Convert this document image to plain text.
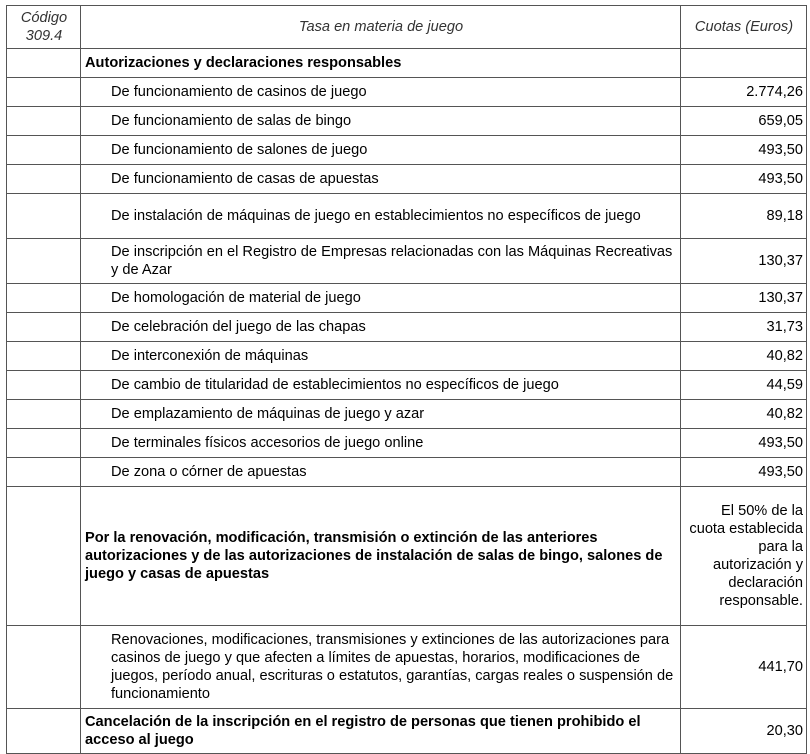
Código 309.4	Tasa en materia de juego	Cuotas (Euros)
	Autorizaciones y declaraciones responsables	
	De funcionamiento de casinos de juego	2.774,26
	De funcionamiento de salas de bingo	659,05
	De funcionamiento de salones de juego	493,50
	De funcionamiento de casas de apuestas	493,50
	De instalación de máquinas de juego en establecimientos no específicos de juego	89,18
	De inscripción en el Registro de Empresas relacionadas con las Máquinas Recreativas y de Azar	130,37
	De homologación de material de juego	130,37
	De celebración del juego de las chapas	31,73
	De interconexión de máquinas	40,82
	De cambio de titularidad de establecimientos no específicos de juego	44,59
	De emplazamiento de máquinas de juego y azar	40,82
	De terminales físicos accesorios de juego online	493,50
	De zona o córner de apuestas	493,50
	Por la renovación, modificación, transmisión o extinción de las anteriores autorizaciones y de las autorizaciones de instalación de salas de bingo, salones de juego y casas de apuestas	El 50% de la cuota establecida para la autorización y declaración responsable.
	Renovaciones, modificaciones, transmisiones y extinciones de las autorizaciones para casinos de juego y que afecten a límites de apuestas, horarios, modificaciones de juegos, período anual, escrituras o estatutos, garantías, cargas reales o suspensión de funcionamiento	441,70
	Cancelación de la inscripción en el registro de personas que tienen prohibido el acceso al juego	20,30
